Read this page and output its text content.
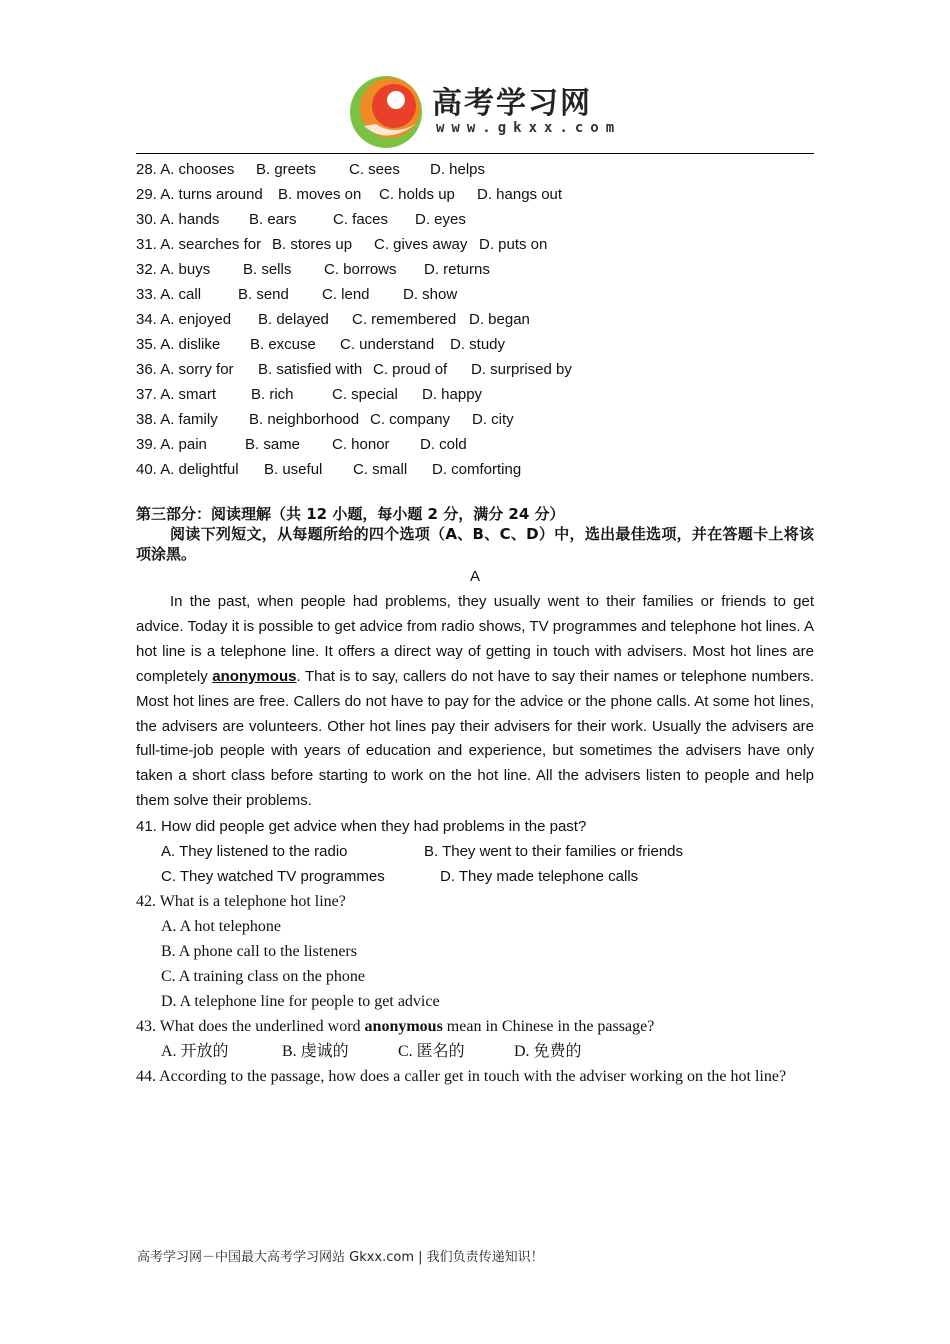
高考学习网
www.gkxx.com
28. A. chooses B. greets C. sees D. helps
29. A. turns around B. moves on C. holds up D. hangs out
30. A. hands B. ears C. faces D. eyes
31. A. searches for B. stores up C. gives away D. puts on
32. A. buys B. sells C. borrows D. returns
33. A. call B. send C. lend D. show
34. A. enjoyed B. delayed C. remembered D. began
35. A. dislike B. excuse C. understand D. study
36. A. sorry for B. satisfied with C. proud of D. surprised by
37. A. smart B. rich	C. special D. happy
38. A. family B. neighborhood C. company D. city
39. A. pain	B. same C. honor D. cold
40. A. delightful B. useful C. small D. comforting
第三部分：阅读理解（共 12 小题，每小题 2 分，满分 24 分）
阅读下列短文，从每题所给的四个选项（A、B、C、D）中，选出最佳选项，并在答题卡上将该项涂黑。
A

In the past, when people had problems, they usually went to their families or friends to get advice. Today it is possible to get advice from radio shows, TV programmes and telephone hot lines. A hot line is a telephone line. It offers a direct way of getting in touch with advisers. Most hot lines are completely anonymous. That is to say, callers do not have to say their names or telephone numbers. Most hot lines are free. Callers do not have to pay for the advice or the phone calls. At some hot lines, the advisers are volunteers. Other hot lines pay their advisers for their work. Usually the advisers are full-time-job people with years of education and experience, but sometimes the advisers have only taken a short class before starting to work on the hot line. All the advisers listen to people and help them solve their problems.

41. How did people get advice when they had problems in the past?
A. They listened to the radio	B. They went to their families or friends
C. They watched TV programmes	D. They made telephone calls
42. What is a telephone hot line?
A. A hot telephone
B. A phone call to the listeners
C. A training class on the phone
D. A telephone line for people to get advice
43. What does the underlined word anonymous mean in Chinese in the passage?
A. 开放的	B. 虔诚的	C. 匿名的	D. 免费的
44. According to the passage, how does a caller get in touch with the adviser working on the hot line?
高考学习网－中国最大高考学习网站 Gkxx.com | 我们负责传递知识！
